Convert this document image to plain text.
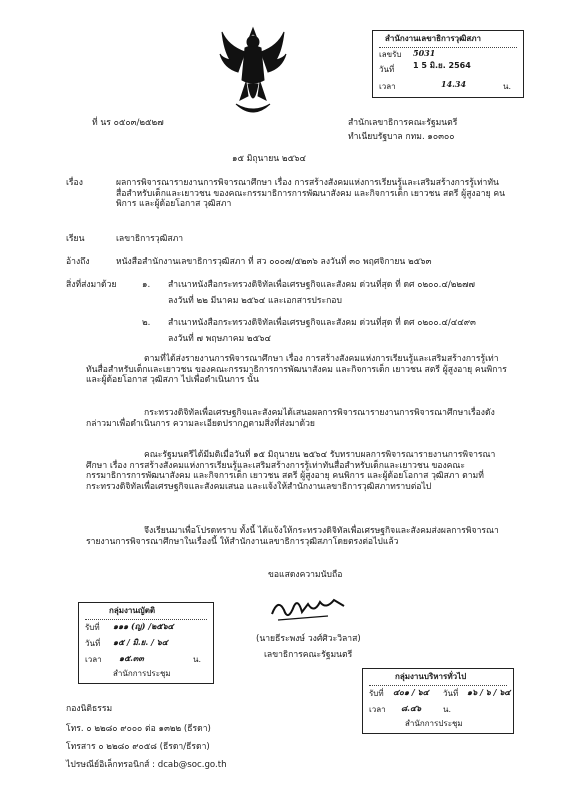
สำนักงานเลขาธิการวุฒิสภา
เลขรับ 5031
วันที่ 1 5 มิ.ย. 2564
เวลา	14.34	น.
ที่ นร ๐๕๐๓/๒๕๒๗	สำนักเลขาธิการคณะรัฐมนตรี
ทำเนียบรัฐบาล กทม. ๑๐๓๐๐
๑๕ มิถุนายน ๒๕๖๔
เรื่อง	ผลการพิจารณารายงานการพิจารณาศึกษา เรื่อง การสร้างสังคมแห่งการเรียนรู้และเสริมสร้างการรู้เท่าทันสื่อสำหรับเด็กและเยาวชน ของคณะกรรมาธิการการพัฒนาสังคม และกิจการเด็ก เยาวชน สตรี ผู้สูงอายุ คนพิการ และผู้ด้อยโอกาส วุฒิสภา
เรียน	เลขาธิการวุฒิสภา
อ้างถึง	หนังสือสำนักงานเลขาธิการวุฒิสภา ที่ สว ๐๐๐๗/๕๒๓๖ ลงวันที่ ๓๐ พฤศจิกายน ๒๕๖๓
สิ่งที่ส่งมาด้วย	๑. สำเนาหนังสือกระทรวงดิจิทัลเพื่อเศรษฐกิจและสังคม ด่วนที่สุด ที่ ดศ ๐๒๐๐.๔/๒๒๗๗
ลงวันที่ ๒๒ มีนาคม ๒๕๖๔ และเอกสารประกอบ
๒. สำเนาหนังสือกระทรวงดิจิทัลเพื่อเศรษฐกิจและสังคม ด่วนที่สุด ที่ ดศ ๐๒๐๐.๔/๔๔๙๓
ลงวันที่ ๗ พฤษภาคม ๒๕๖๔
ตามที่ได้ส่งรายงานการพิจารณาศึกษา เรื่อง การสร้างสังคมแห่งการเรียนรู้และเสริมสร้างการรู้เท่าทันสื่อสำหรับเด็กและเยาวชน ของคณะกรรมาธิการการพัฒนาสังคม และกิจการเด็ก เยาวชน สตรี ผู้สูงอายุ คนพิการ และผู้ด้อยโอกาส วุฒิสภา ไปเพื่อดำเนินการ นั้น
กระทรวงดิจิทัลเพื่อเศรษฐกิจและสังคมได้เสนอผลการพิจารณารายงานการพิจารณาศึกษาเรื่องดังกล่าวมาเพื่อดำเนินการ ความละเอียดปรากฏตามสิ่งที่ส่งมาด้วย
คณะรัฐมนตรีได้มีมติเมื่อวันที่ ๑๕ มิถุนายน ๒๕๖๔ รับทราบผลการพิจารณารายงานการพิจารณาศึกษา เรื่อง การสร้างสังคมแห่งการเรียนรู้และเสริมสร้างการรู้เท่าทันสื่อสำหรับเด็กและเยาวชน ของคณะกรรมาธิการการพัฒนาสังคม และกิจการเด็ก เยาวชน สตรี ผู้สูงอายุ คนพิการ และผู้ด้อยโอกาส วุฒิสภา ตามที่กระทรวงดิจิทัลเพื่อเศรษฐกิจและสังคมเสนอ และแจ้งให้สำนักงานเลขาธิการวุฒิสภาทราบต่อไป
จึงเรียนมาเพื่อโปรดทราบ ทั้งนี้ ได้แจ้งให้กระทรวงดิจิทัลเพื่อเศรษฐกิจและสังคมส่งผลการพิจารณารายงานการพิจารณาศึกษาในเรื่องนี้ ให้สำนักงานเลขาธิการวุฒิสภาโดยตรงต่อไปแล้ว
ขอแสดงความนับถือ
(นายธีระพงษ์ วงศ์ศิวะวิลาส)
เลขาธิการคณะรัฐมนตรี
กลุ่มงานญัตติ
รับที่ ๑๑๑ (ญ) /๒๕๖๔
วันที่ ๑๕ / มิ.ย. / ๖๔
เวลา ๑๕.๓๓	น.
สำนักการประชุม	กลุ่มงานบริหารทั่วไป
รับที่ ๔๐๑ / ๖๔ วันที่ ๑๖ / ๖ / ๖๔
เวลา ๘.๔๖	น.
สำนักการประชุม
กองนิติธรรม
โทร. ๐ ๒๒๘๐ ๙๐๐๐ ต่อ ๑๓๒๒ (ธีรดา)
โทรสาร ๐ ๒๒๘๐ ๙๐๕๘ (ธีรดา/ธีรดา)
ไปรษณีย์อิเล็กทรอนิกส์ : dcab@soc.go.th
